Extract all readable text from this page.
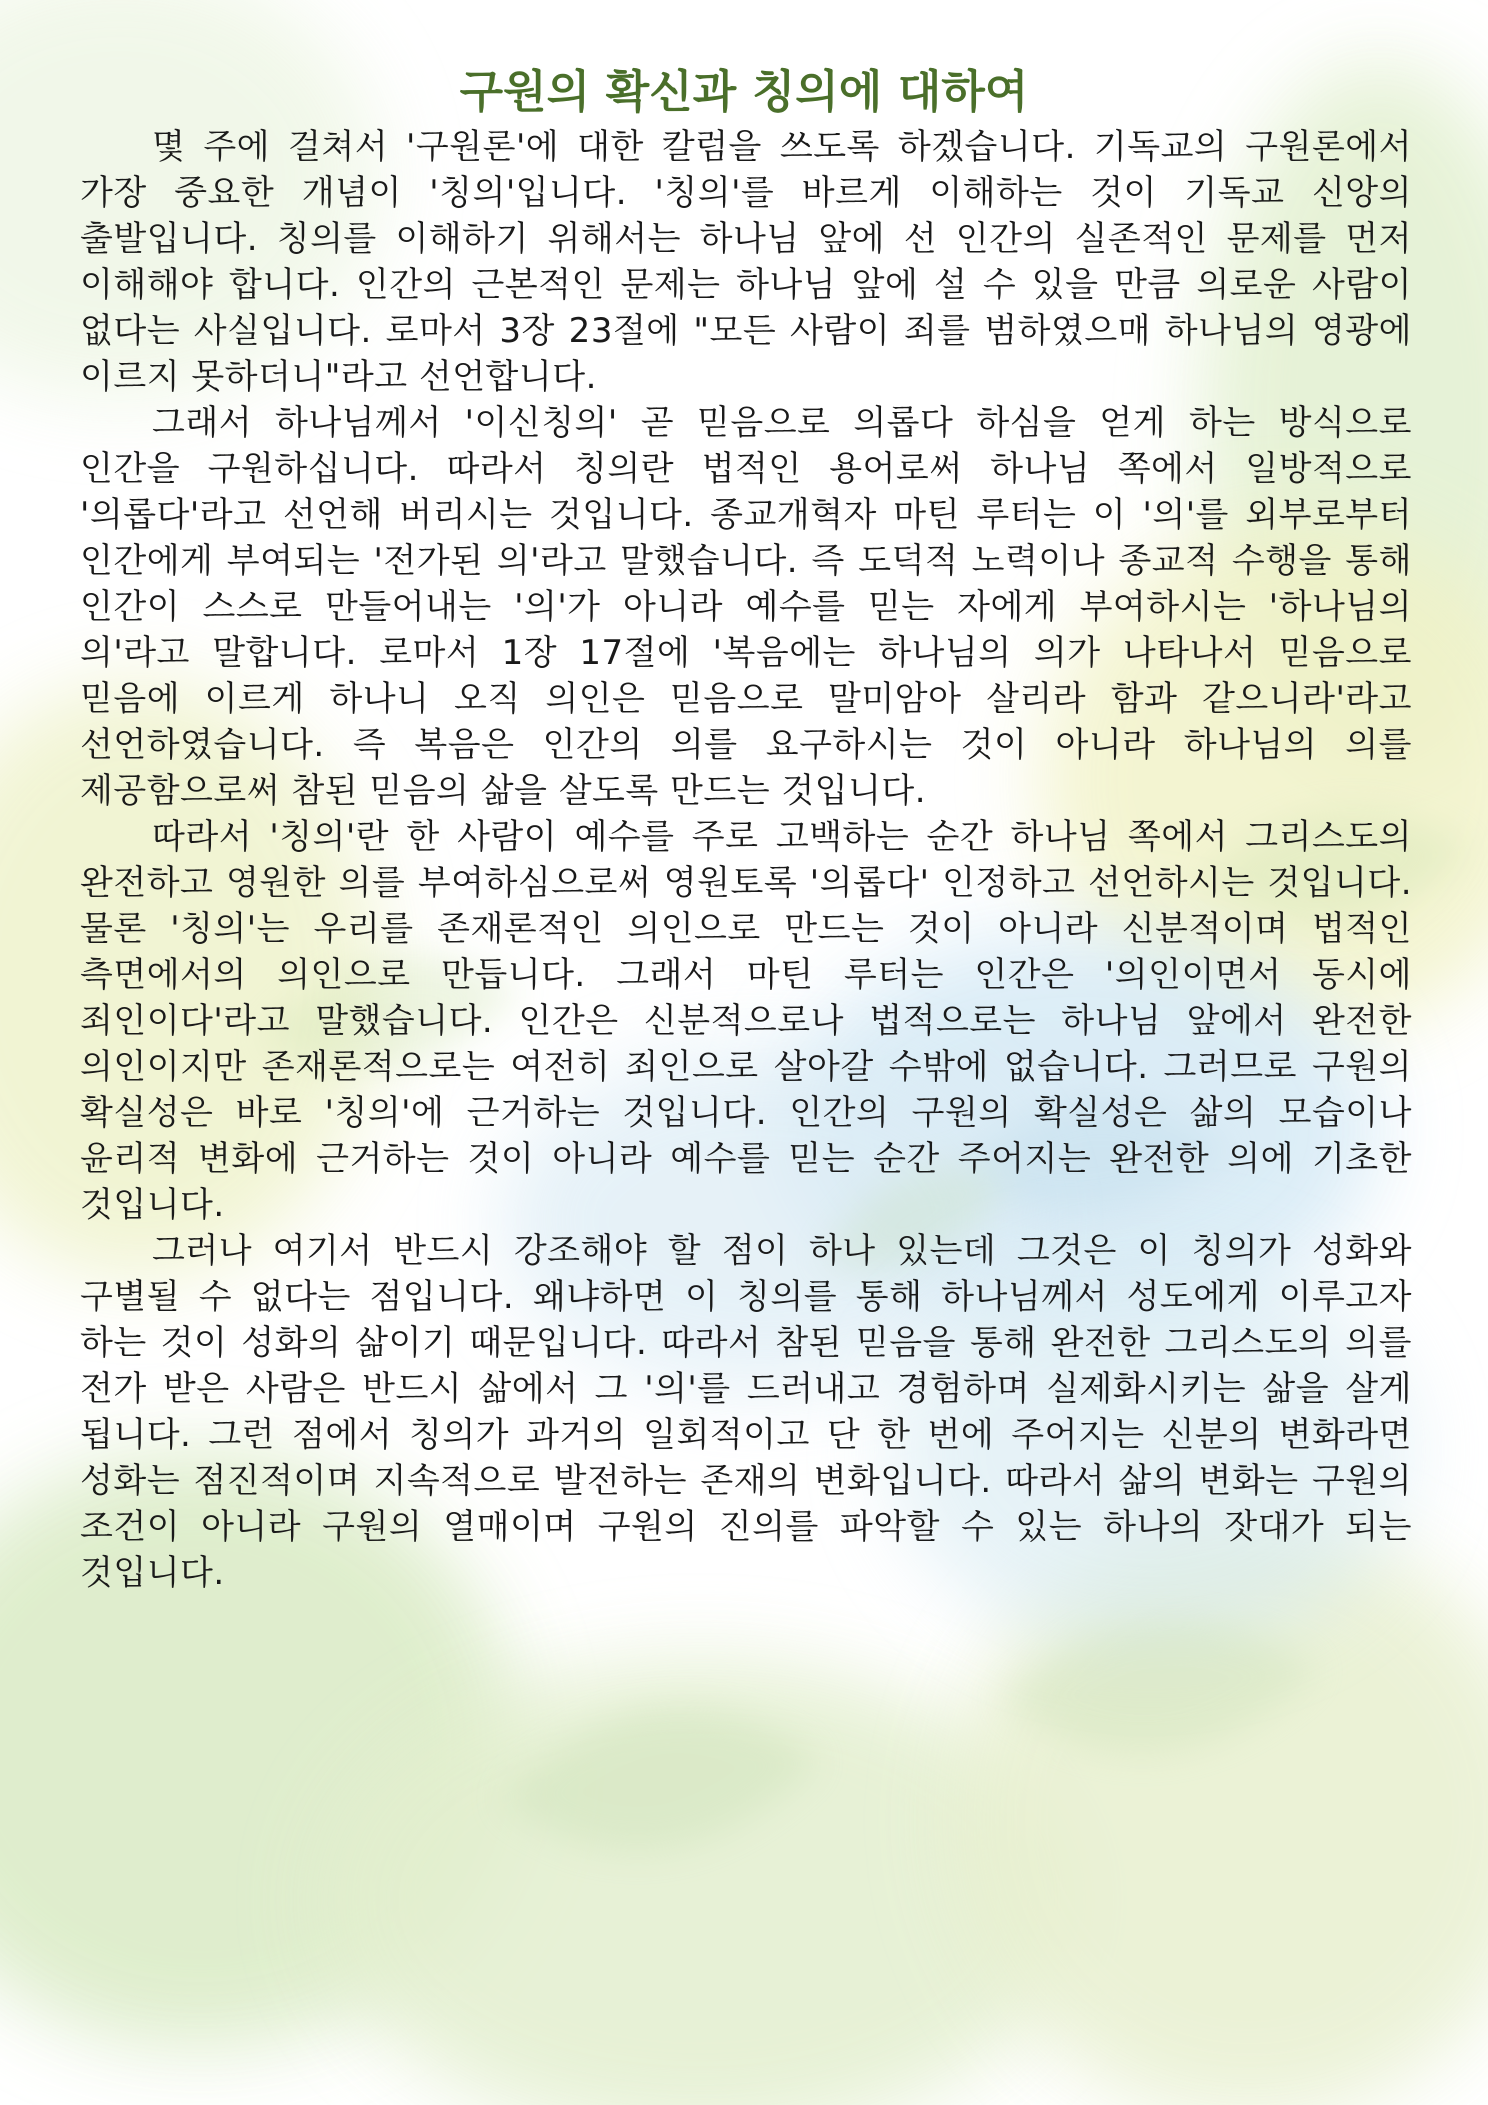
구원의 확신과 칭의에 대하여

몇 주에 걸쳐서 '구원론'에 대한 칼럼을 쓰도록 하겠습니다. 기독교의 구원론에서 가장 중요한 개념이 '칭의'입니다. '칭의'를 바르게 이해하는 것이 기독교 신앙의 출발입니다. 칭의를 이해하기 위해서는 하나님 앞에 선 인간의 실존적인 문제를 먼저 이해해야 합니다. 인간의 근본적인 문제는 하나님 앞에 설 수 있을 만큼 의로운 사람이 없다는 사실입니다. 로마서 3장 23절에 "모든 사람이 죄를 범하였으매 하나님의 영광에 이르지 못하더니"라고 선언합니다.

그래서 하나님께서 '이신칭의' 곧 믿음으로 의롭다 하심을 얻게 하는 방식으로 인간을 구원하십니다. 따라서 칭의란 법적인 용어로써 하나님 쪽에서 일방적으로 '의롭다'라고 선언해 버리시는 것입니다. 종교개혁자 마틴 루터는 이 '의'를 외부로부터 인간에게 부여되는 '전가된 의'라고 말했습니다. 즉 도덕적 노력이나 종교적 수행을 통해 인간이 스스로 만들어내는 '의'가 아니라 예수를 믿는 자에게 부여하시는 '하나님의 의'라고 말합니다. 로마서 1장 17절에 '복음에는 하나님의 의가 나타나서 믿음으로 믿음에 이르게 하나니 오직 의인은 믿음으로 말미암아 살리라 함과 같으니라'라고 선언하였습니다. 즉 복음은 인간의 의를 요구하시는 것이 아니라 하나님의 의를 제공함으로써 참된 믿음의 삶을 살도록 만드는 것입니다.

따라서 '칭의'란 한 사람이 예수를 주로 고백하는 순간 하나님 쪽에서 그리스도의 완전하고 영원한 의를 부여하심으로써 영원토록 '의롭다' 인정하고 선언하시는 것입니다. 물론 '칭의'는 우리를 존재론적인 의인으로 만드는 것이 아니라 신분적이며 법적인 측면에서의 의인으로 만듭니다. 그래서 마틴 루터는 인간은 '의인이면서 동시에 죄인이다'라고 말했습니다. 인간은 신분적으로나 법적으로는 하나님 앞에서 완전한 의인이지만 존재론적으로는 여전히 죄인으로 살아갈 수밖에 없습니다. 그러므로 구원의 확실성은 바로 '칭의'에 근거하는 것입니다. 인간의 구원의 확실성은 삶의 모습이나 윤리적 변화에 근거하는 것이 아니라 예수를 믿는 순간 주어지는 완전한 의에 기초한 것입니다.

그러나 여기서 반드시 강조해야 할 점이 하나 있는데 그것은 이 칭의가 성화와 구별될 수 없다는 점입니다. 왜냐하면 이 칭의를 통해 하나님께서 성도에게 이루고자 하는 것이 성화의 삶이기 때문입니다. 따라서 참된 믿음을 통해 완전한 그리스도의 의를 전가 받은 사람은 반드시 삶에서 그 '의'를 드러내고 경험하며 실제화시키는 삶을 살게 됩니다. 그런 점에서 칭의가 과거의 일회적이고 단 한 번에 주어지는 신분의 변화라면 성화는 점진적이며 지속적으로 발전하는 존재의 변화입니다. 따라서 삶의 변화는 구원의 조건이 아니라 구원의 열매이며 구원의 진의를 파악할 수 있는 하나의 잣대가 되는 것입니다.
